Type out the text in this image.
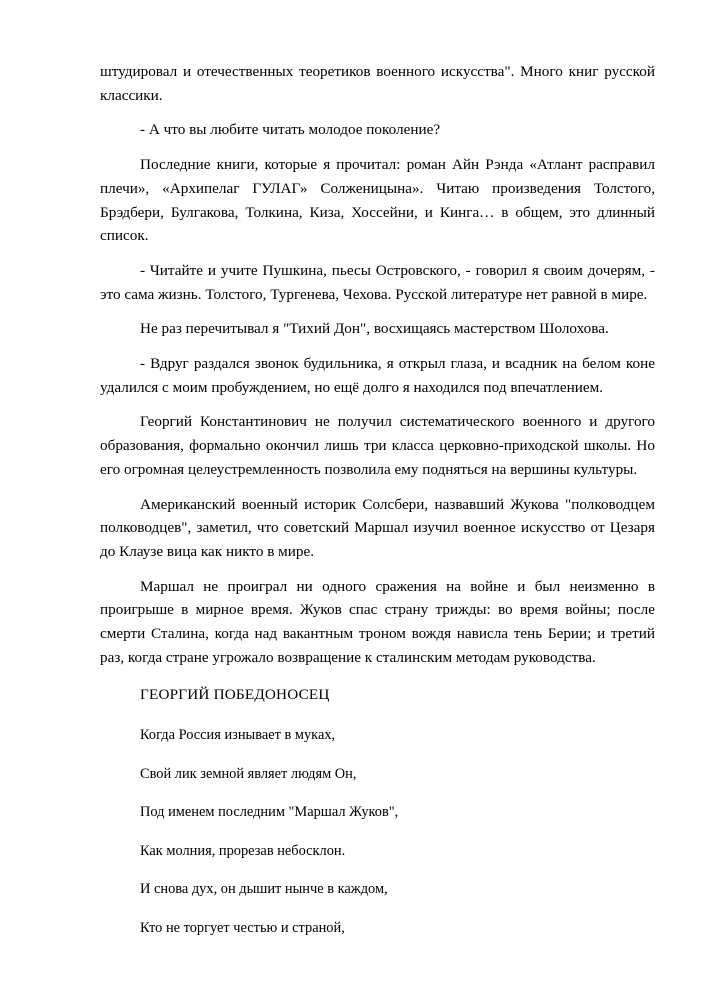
штудировал и отечественных теоретиков военного искусства". Много книг русской классики.

- А что вы любите читать молодое поколение?

Последние книги, которые я прочитал: роман Айн Рэнда «Атлант расправил плечи», «Архипелаг ГУЛАГ» Солженицына». Читаю произведения Толстого, Брэдбери, Булгакова, Толкина, Киза, Хоссейни, и Кинга… в общем, это длинный список.

- Читайте и учите Пушкина, пьесы Островского, - говорил я своим дочерям, - это сама жизнь. Толстого, Тургенева, Чехова. Русской литературе нет равной в мире.

Не раз перечитывал я "Тихий Дон", восхищаясь мастерством Шолохова.

- Вдруг раздался звонок будильника, я открыл глаза, и всадник на белом коне удалился с моим пробуждением, но ещё долго я находился под впечатлением.

Георгий Константинович не получил систематического военного и другого образования, формально окончил лишь три класса церковно-приходской школы. Но его огромная целеустремленность позволила ему подняться на вершины культуры.

Американский военный историк Солсбери, назвавший Жукова "полководцем полководцев", заметил, что советский Маршал изучил военное искусство от Цезаря до Клаузе вица как никто в мире.

Маршал не проиграл ни одного сражения на войне и был неизменно в проигрыше в мирное время. Жуков спас страну трижды: во время войны; после смерти Сталина, когда над вакантным троном вождя нависла тень Берии; и третий раз, когда стране угрожало возвращение к сталинским методам руководства.

ГЕОРГИЙ ПОБЕДОНОСЕЦ

Когда Россия изнывает в муках,

Свой лик земной являет людям Он,

Под именем последним "Маршал Жуков",

Как молния, прорезав небосклон.

И снова дух, он дышит нынче в каждом,

Кто не торгует честью и страной,
